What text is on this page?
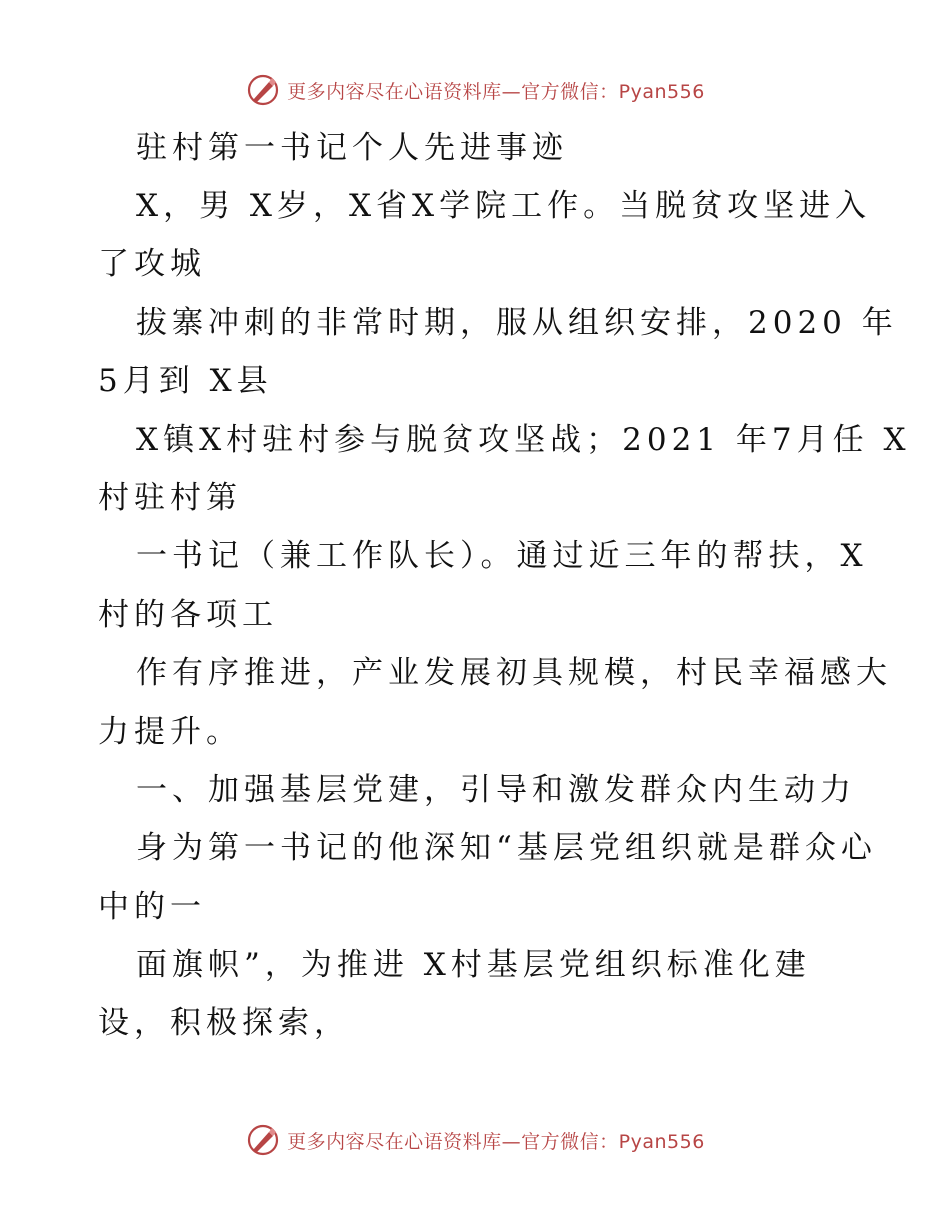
更多内容尽在心语资料库—官方微信：Pyan556
驻村第一书记个人先进事迹
X，男 X岁，X省X学院工作。当脱贫攻坚进入
了攻城
拔寨冲刺的非常时期，服从组织安排，2020 年
5月到 X县
X镇X村驻村参与脱贫攻坚战；2021 年7月任 X
村驻村第
一书记（兼工作队长）。通过近三年的帮扶，X
村的各项工
作有序推进，产业发展初具规模，村民幸福感大
力提升。
一、加强基层党建，引导和激发群众内生动力
身为第一书记的他深知“基层党组织就是群众心
中的一
面旗帜”，为推进 X村基层党组织标准化建
设，积极探索，
更多内容尽在心语资料库—官方微信：Pyan556
